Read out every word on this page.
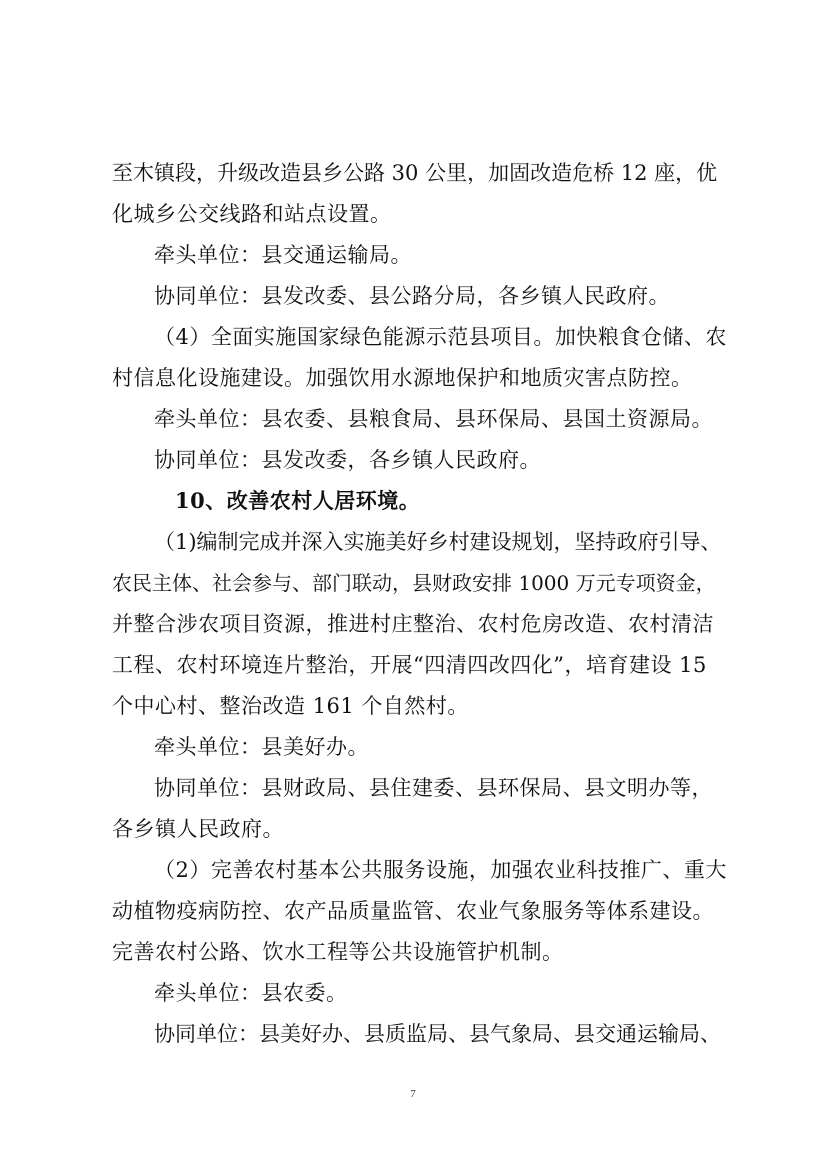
至木镇段，升级改造县乡公路 30 公里，加固改造危桥 12 座，优
化城乡公交线路和站点设置。
牵头单位：县交通运输局。
协同单位：县发改委、县公路分局，各乡镇人民政府。
（4）全面实施国家绿色能源示范县项目。加快粮食仓储、农
村信息化设施建设。加强饮用水源地保护和地质灾害点防控。
牵头单位：县农委、县粮食局、县环保局、县国土资源局。
协同单位：县发改委，各乡镇人民政府。
10、改善农村人居环境。
（1)编制完成并深入实施美好乡村建设规划，坚持政府引导、
农民主体、社会参与、部门联动，县财政安排 1000 万元专项资金，
并整合涉农项目资源，推进村庄整治、农村危房改造、农村清洁
工程、农村环境连片整治，开展“四清四改四化”，培育建设 15
个中心村、整治改造 161 个自然村。
牵头单位：县美好办。
协同单位：县财政局、县住建委、县环保局、县文明办等，
各乡镇人民政府。
（2）完善农村基本公共服务设施，加强农业科技推广、重大
动植物疫病防控、农产品质量监管、农业气象服务等体系建设。
完善农村公路、饮水工程等公共设施管护机制。
牵头单位：县农委。
协同单位：县美好办、县质监局、县气象局、县交通运输局、
7
